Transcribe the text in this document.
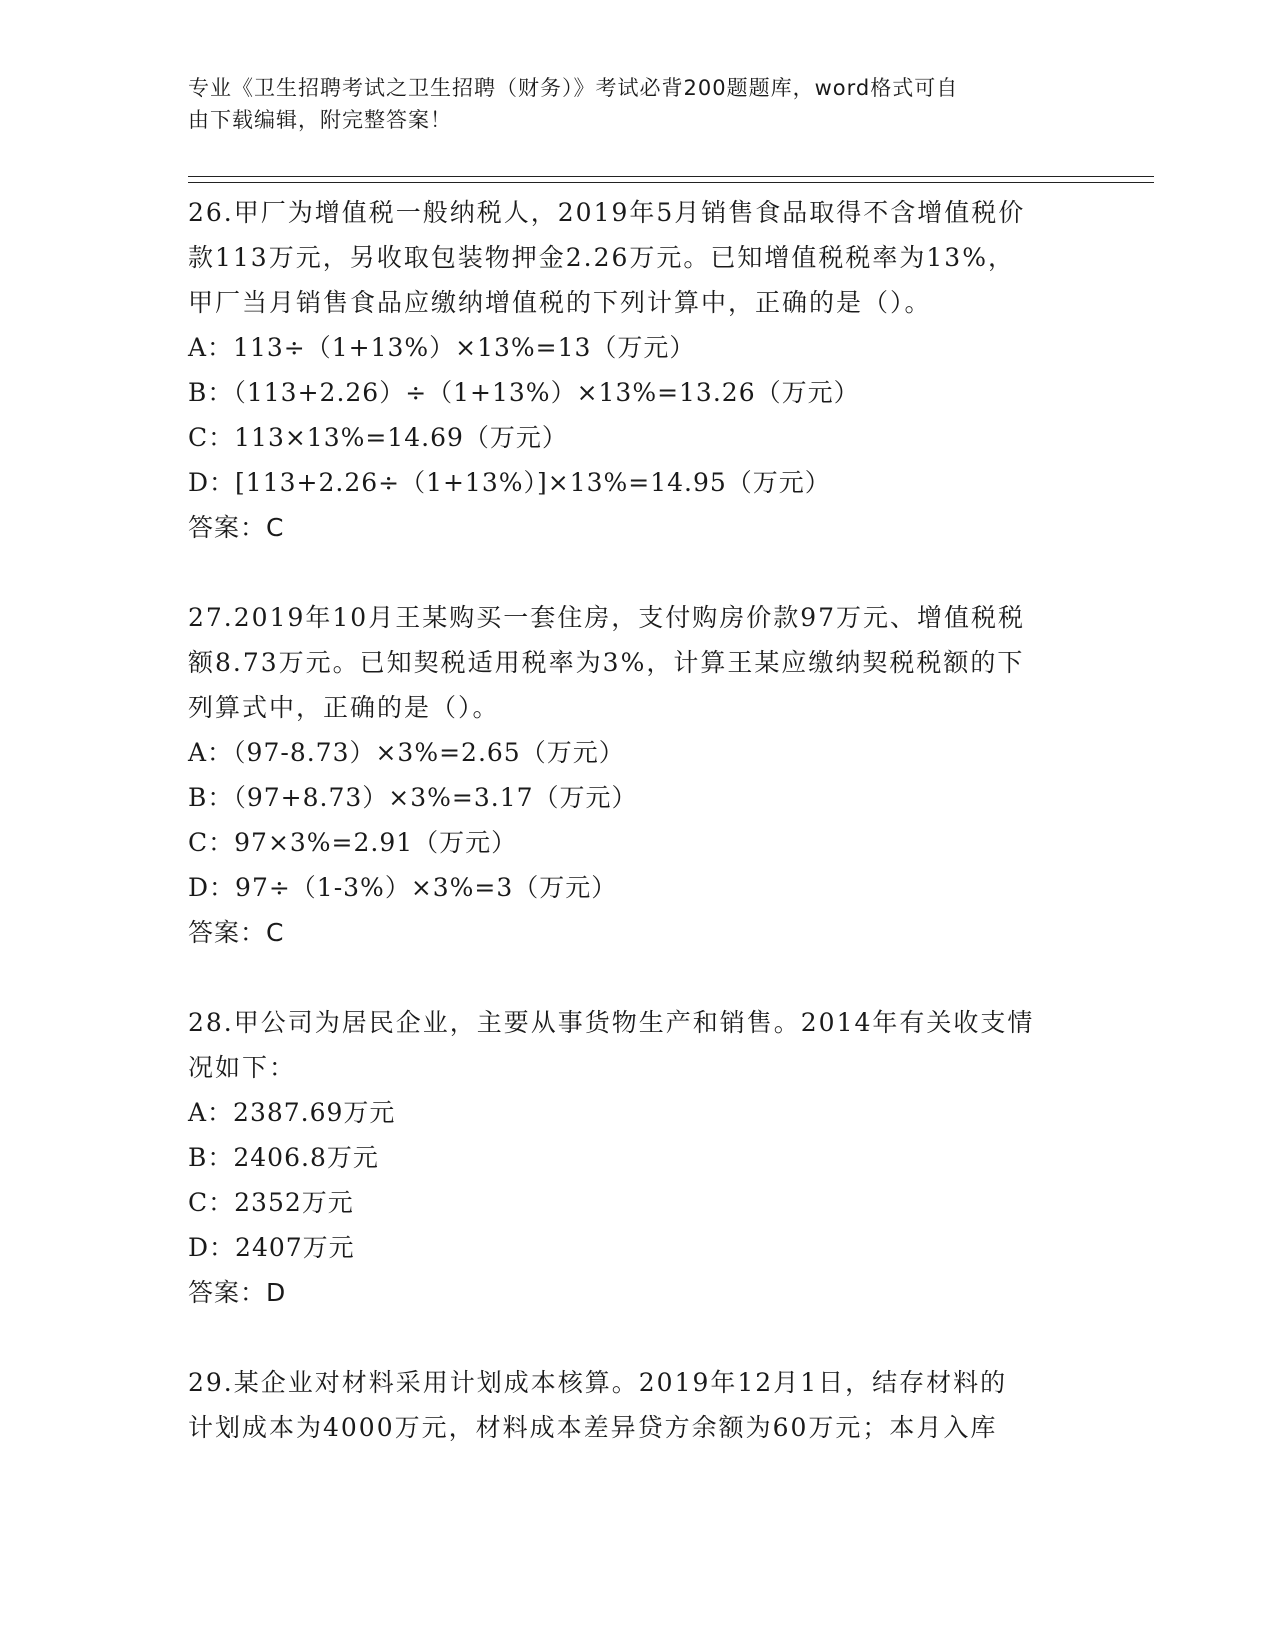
专业《卫生招聘考试之卫生招聘（财务）》考试必背200题题库，word格式可自
由下载编辑，附完整答案！

26.甲厂为增值税一般纳税人，2019年5月销售食品取得不含增值税价

款113万元，另收取包装物押金2.26万元。已知增值税税率为13%，

甲厂当月销售食品应缴纳增值税的下列计算中，正确的是（）。

A：113÷（1+13%）×13%=13（万元）

B：（113+2.26）÷（1+13%）×13%=13.26（万元）

C：113×13%=14.69（万元）

D：[113+2.26÷（1+13%）]×13%=14.95（万元）

答案：C

27.2019年10月王某购买一套住房，支付购房价款97万元、增值税税

额8.73万元。已知契税适用税率为3%，计算王某应缴纳契税税额的下

列算式中，正确的是（）。

A：（97-8.73）×3%=2.65（万元）

B：（97+8.73）×3%=3.17（万元）

C：97×3%=2.91（万元）

D：97÷（1-3%）×3%=3（万元）

答案：C

28.甲公司为居民企业，主要从事货物生产和销售。2014年有关收支情

况如下：

A：2387.69万元

B：2406.8万元

C：2352万元

D：2407万元

答案：D

29.某企业对材料采用计划成本核算。2019年12月1日，结存材料的

计划成本为4000万元，材料成本差异贷方余额为60万元；本月入库
